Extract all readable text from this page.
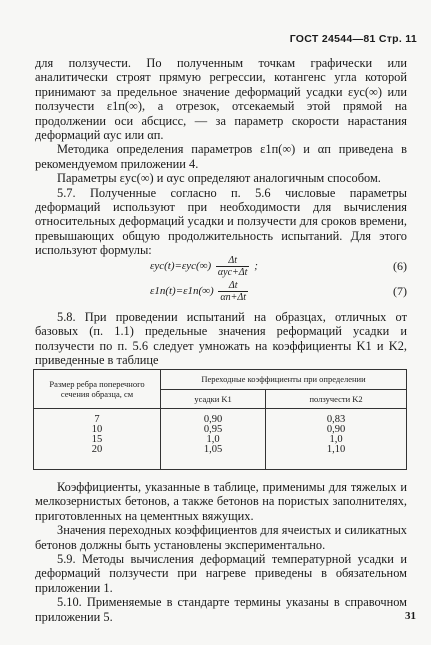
ГОСТ 24544—81 Стр. 11

для ползучести. По полученным точкам графически или аналитически строят прямую регрессии, котангенс угла которой принимают за предельное значение деформаций усадки εус(∞) или ползучести ε1п(∞), а отрезок, отсекаемый этой прямой на продолжении оси абсцисс, — за параметр скорости нарастания деформаций αус или αп.

Методика определения параметров ε1п(∞) и αп приведена в рекомендуемом приложении 4.

Параметры εус(∞) и αус определяют аналогичным способом.

5.7. Полученные согласно п. 5.6 числовые параметры деформаций используют при необходимости для вычисления относительных деформаций усадки и ползучести для сроков времени, превышающих общую продолжительность испытаний. Для этого используют формулы:

$\varepsilon ус(t)=\varepsilon ус(\infty) \frac{\Delta t}{\text{αус+Δt}}$ ;	(6)
$\varepsilon 1п(t)=\varepsilon 1п(\infty) \frac{\Delta t}{\alpha п+\Delta t}$	(7)

5.8. При проведении испытаний на образцах, отличных от базовых (п. 1.1) предельные значения реформаций усадки и ползучести по п. 5.6 следует умножать на коэффициенты K1 и K2, приведенные в таблице

Размер ребра поперечного сечения образца, см	Переходные коэффициенты при определении	
	усадки K1	ползучести K2
7	0,90	0,83
10	0,95	0,90
15	1,0	1,0
20	1,05	1,10

Коэффициенты, указанные в таблице, применимы для тяжелых и мелкозернистых бетонов, а также бетонов на пористых заполнителях, приготовленных на цементных вяжущих.

Значения переходных коэффициентов для ячеистых и силикатных бетонов должны быть установлены экспериментально.

5.9. Методы вычисления деформаций температурной усадки и деформаций ползучести при нагреве приведены в обязательном приложении 1.

5.10. Применяемые в стандарте термины указаны в справочном приложении 5.	31
